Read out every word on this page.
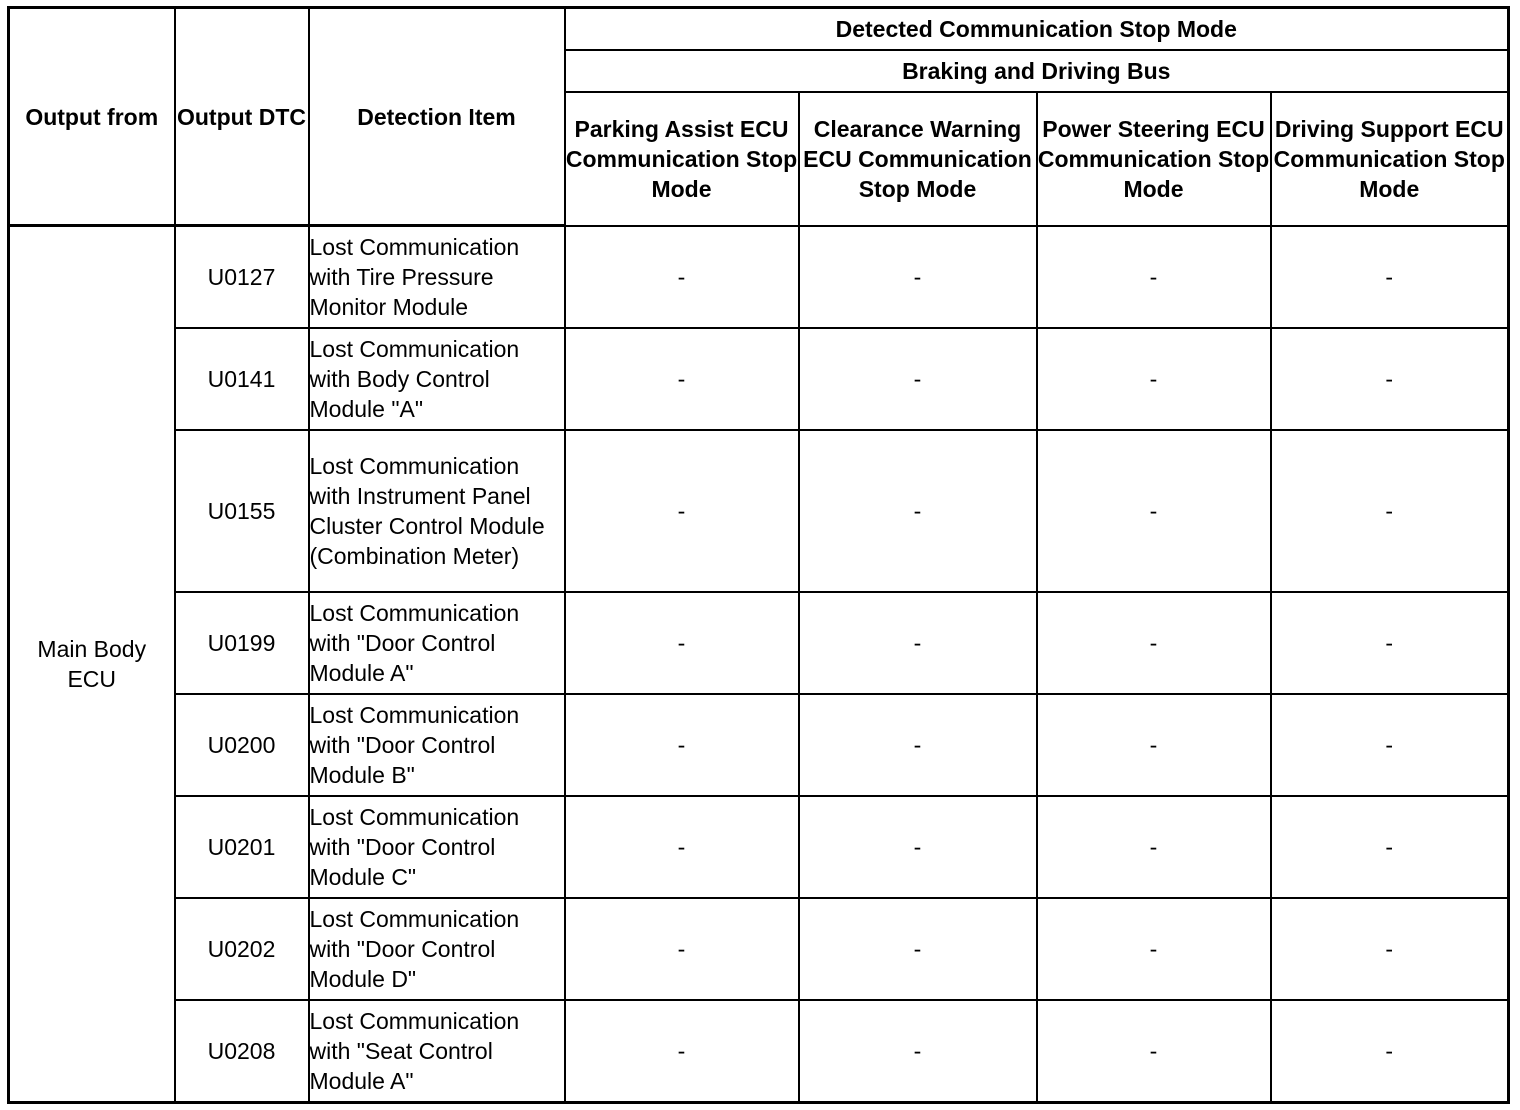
Output from	Output DTC	Detection Item	Detected Communication Stop Mode			
			Braking and Driving Bus			
			Parking Assist ECU Communication Stop Mode	Clearance Warning ECU Communication Stop Mode	Power Steering ECU Communication Stop Mode	Driving Support ECU Communication Stop Mode
Main Body ECU	U0127	Lost Communication with Tire Pressure Monitor Module	-	-	-	-
	U0141	Lost Communication with Body Control Module "A"	-	-	-	-
	U0155	Lost Communication with Instrument Panel Cluster Control Module (Combination Meter)	-	-	-	-
	U0199	Lost Communication with "Door Control Module A"	-	-	-	-
	U0200	Lost Communication with "Door Control Module B"	-	-	-	-
	U0201	Lost Communication with "Door Control Module C"	-	-	-	-
	U0202	Lost Communication with "Door Control Module D"	-	-	-	-
	U0208	Lost Communication with "Seat Control Module A"	-	-	-	-
